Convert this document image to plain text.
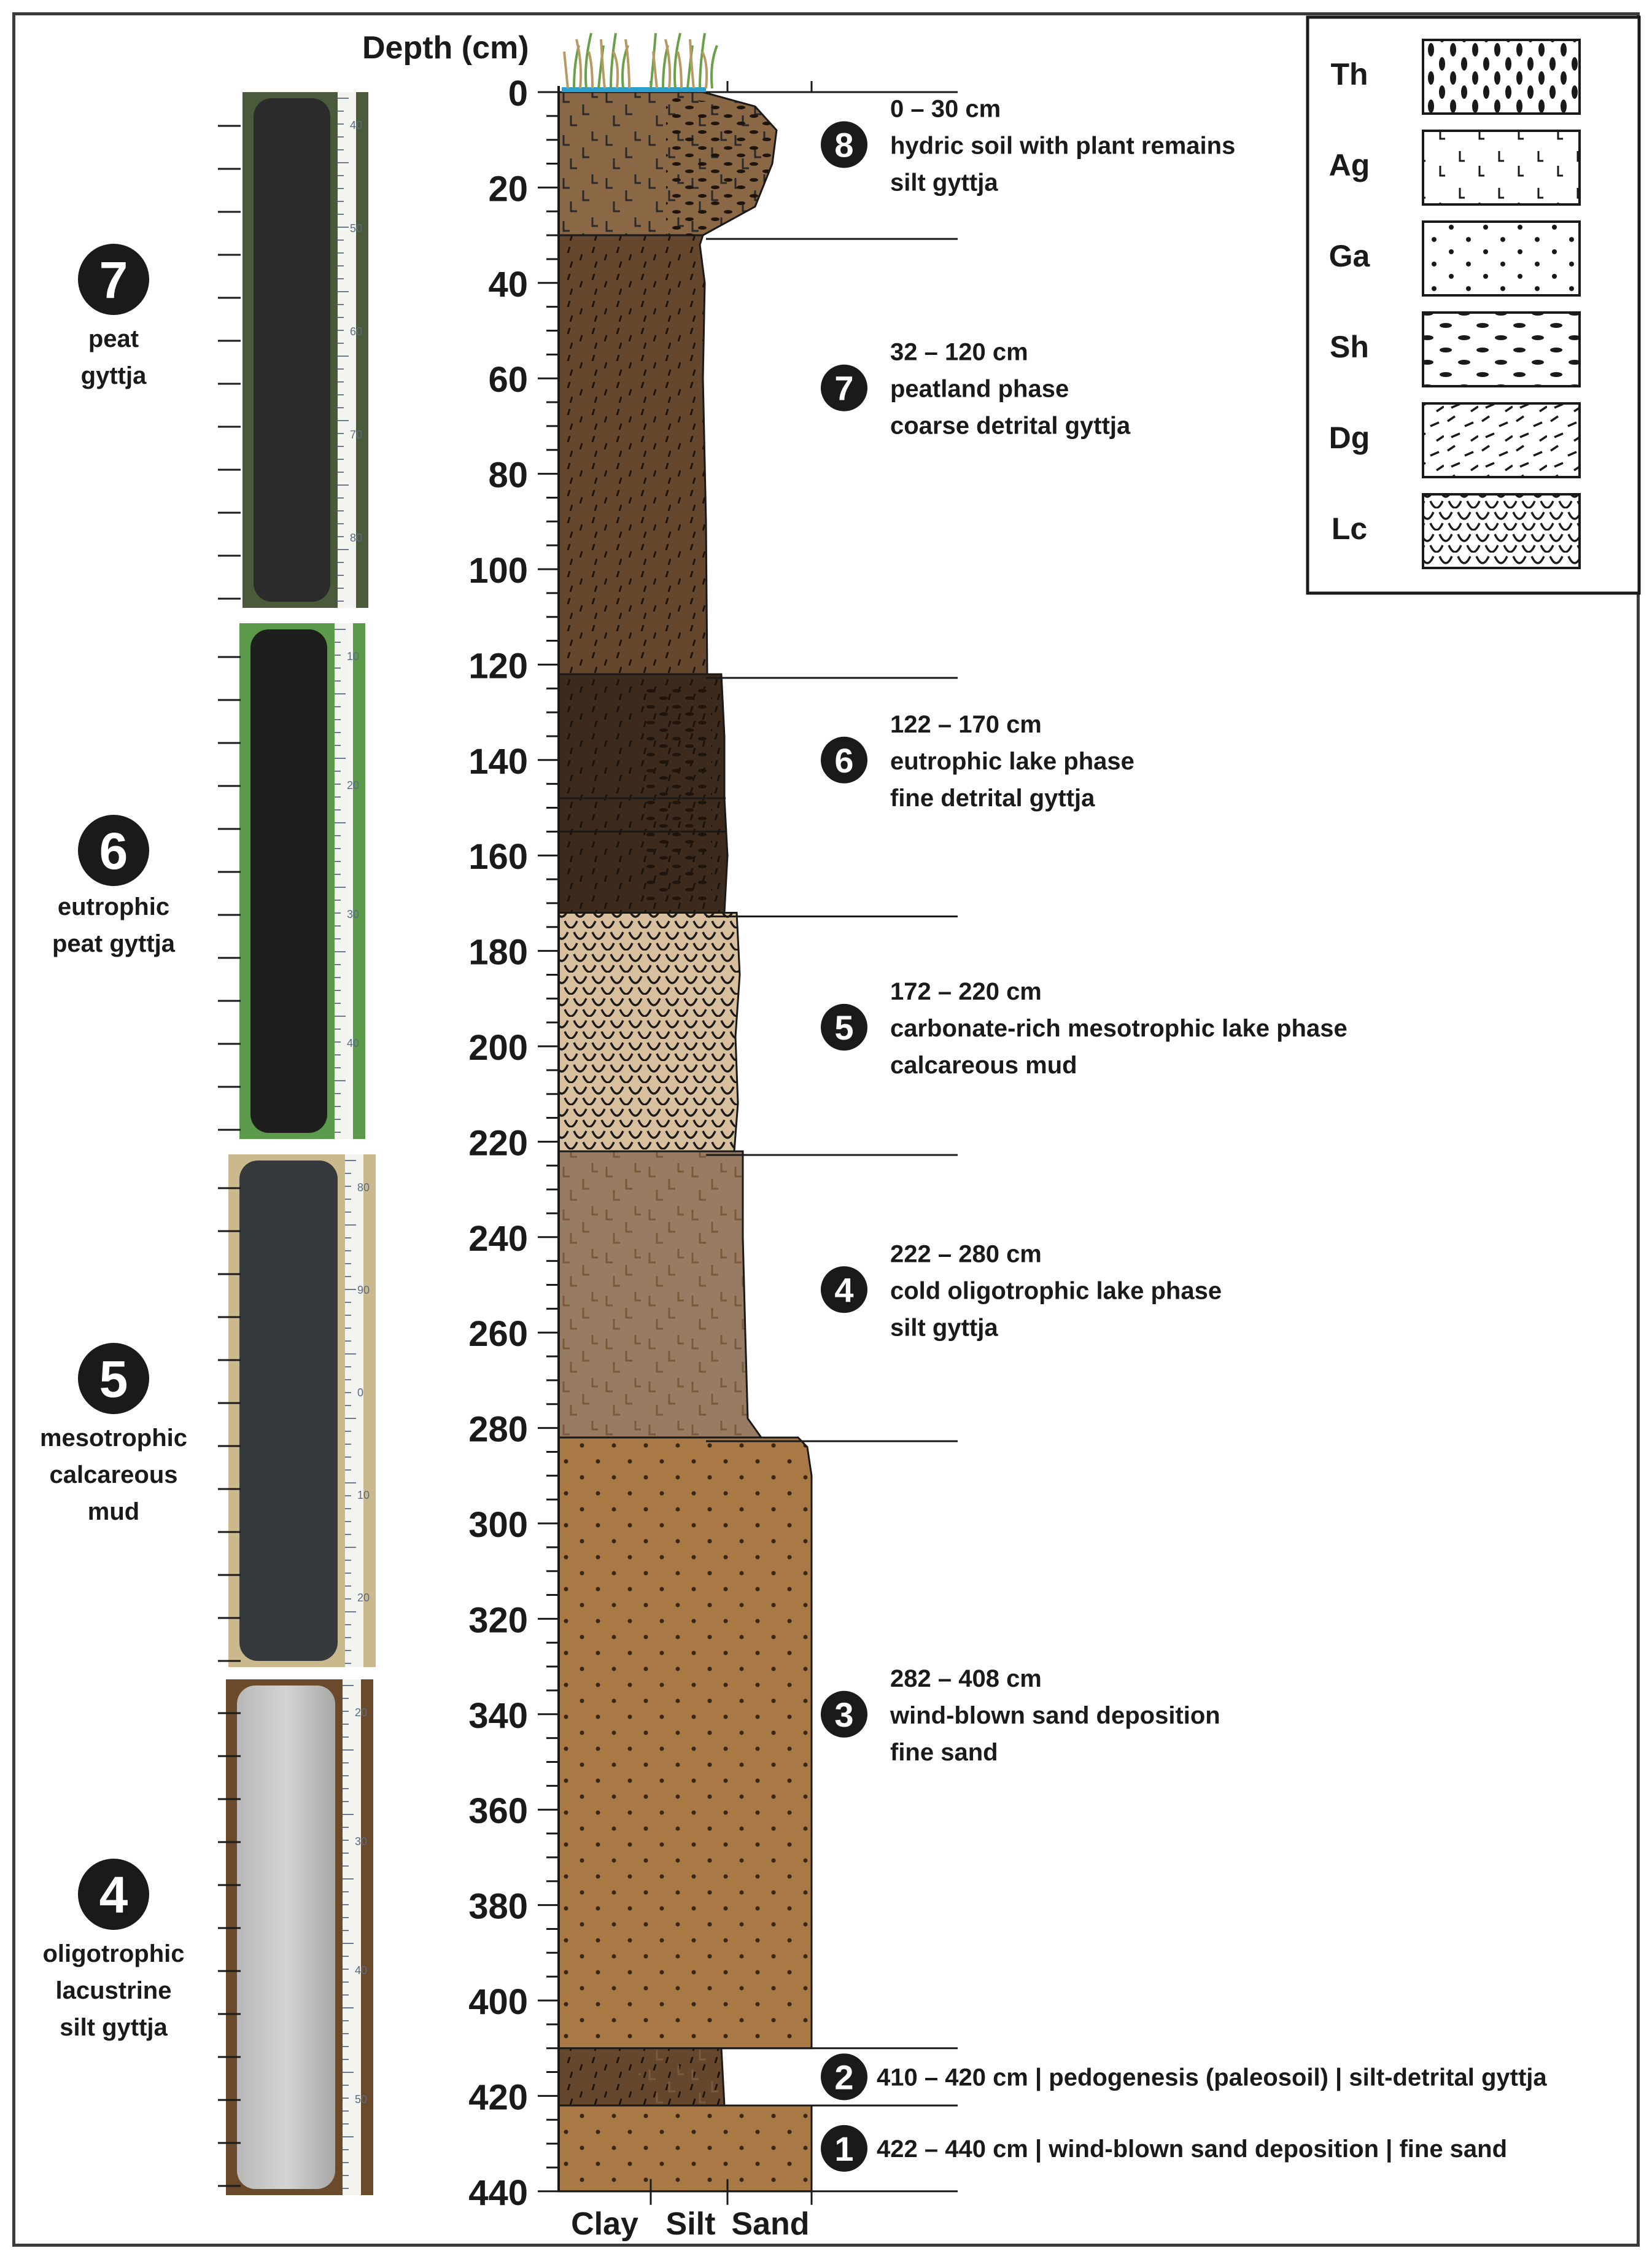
40
50
60
70
80
7
peat
gyttja
10
20
30
40
6
eutrophic
peat gyttja
80
90
0
10
20
5
mesotrophic
calcareous
mud
20
30
40
50
4
oligotrophic
lacustrine
silt gyttja
0
20
40
60
80
100
120
140
160
180
200
220
240
260
280
300
320
340
360
380
400
420
440
Depth (cm)
Clay Silt Sand
8
0 – 30 cm
hydric soil with plant remains
silt gyttja
7
32 – 120 cm
peatland phase
coarse detrital gyttja
6
122 – 170 cm
eutrophic lake phase
fine detrital gyttja
5
172 – 220 cm
carbonate-rich mesotrophic lake phase
calcareous mud
4
222 – 280 cm
cold oligotrophic lake phase
silt gyttja
3
282 – 408 cm
wind-blown sand deposition
fine sand
2 410 – 420 cm | pedogenesis (paleosoil) | silt-detrital gyttja
1 422 – 440 cm | wind-blown sand deposition | fine sand
Th
Ag
Ga
Sh
Dg
Lc
